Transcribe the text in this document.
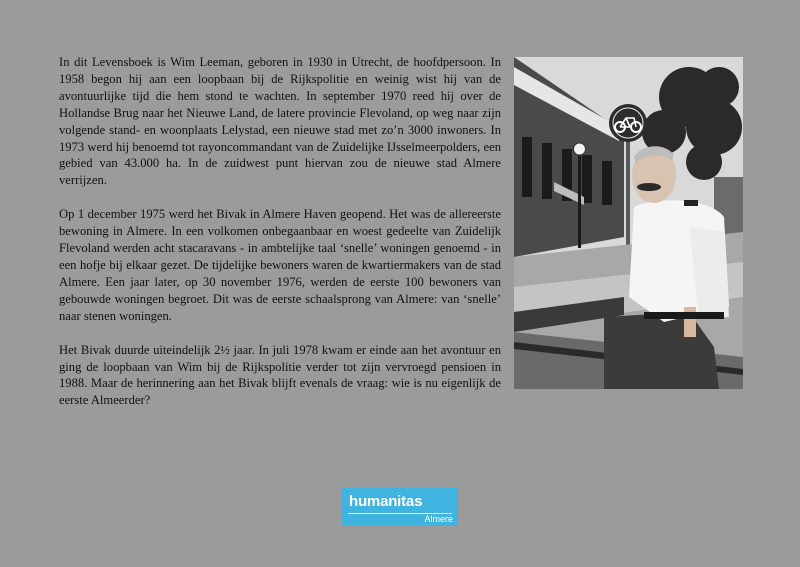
In dit Levensboek is Wim Leeman, geboren in 1930 in Utrecht, de hoofdpersoon. In 1958 begon hij aan een loopbaan bij de Rijkspolitie en weinig wist hij van de avontuurlijke tijd die hem stond te wachten. In september 1970 reed hij over de Hollandse Brug naar het Nieuwe Land, de latere provincie Flevoland, op weg naar zijn volgende stand- en woonplaats Lelystad, een nieuwe stad met zo’n 3000 inwoners. In 1973 werd hij benoemd tot rayoncommandant van de Zuidelijke IJsselmeerpolders, een gebied van 43.000 ha. In de zuidwest punt hiervan zou de nieuwe stad Almere verrijzen.

Op 1 december 1975 werd het Bivak in Almere Haven geopend. Het was de allereerste bewoning in Almere. In een volkomen onbegaanbaar en woest gedeelte van Zuidelijk Flevoland werden acht stacaravans - in ambtelijke taal ‘snelle’ woningen genoemd - in een hofje bij elkaar gezet. De tijdelijke bewoners waren de kwartiermakers van de stad Almere. Een jaar later, op 30 november 1976, werden de eerste 100 bewoners van gebouwde woningen begroet. Dit was de eerste schaalsprong van Almere: van ‘snelle’ naar stenen woningen.

Het Bivak duurde uiteindelijk 2½ jaar. In juli 1978 kwam er einde aan het avontuur en ging de loopbaan van Wim bij de Rijkspolitie verder tot zijn vervroegd pensioen in 1988. Maar de herinnering aan het Bivak blijft evenals de vraag: wie is nu eigenlijk de eerste Almeerder?

humanitas
Almere
